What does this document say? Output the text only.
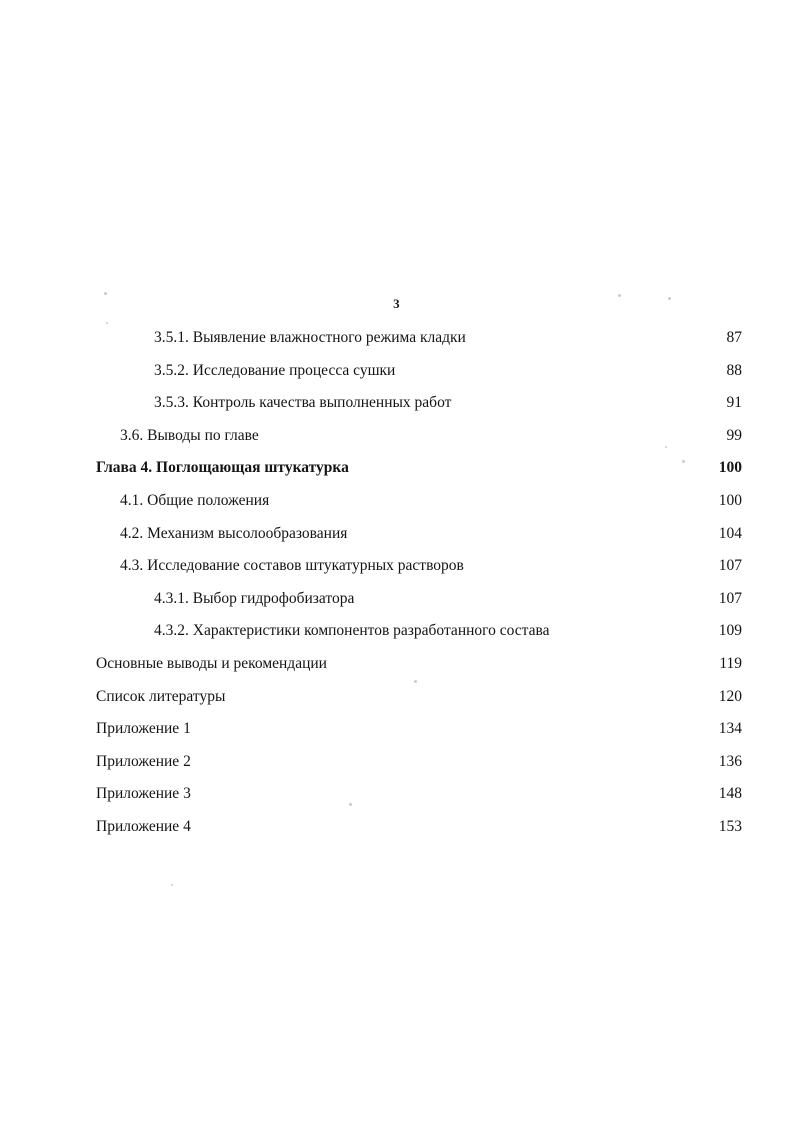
3
3.5.1. Выявление влажностного режима кладки	87
3.5.2. Исследование процесса сушки	88
3.5.3. Контроль качества выполненных работ	91
3.6. Выводы по главе	99
Глава 4. Поглощающая штукатурка	100
4.1. Общие положения	100
4.2. Механизм высолообразования	104
4.3. Исследование составов штукатурных растворов	107
4.3.1. Выбор гидрофобизатора	107
4.3.2. Характеристики компонентов разработанного состава	109
Основные выводы и рекомендации	119
Список литературы	120
Приложение 1	134
Приложение 2	136
Приложение 3	148
Приложение 4	153
